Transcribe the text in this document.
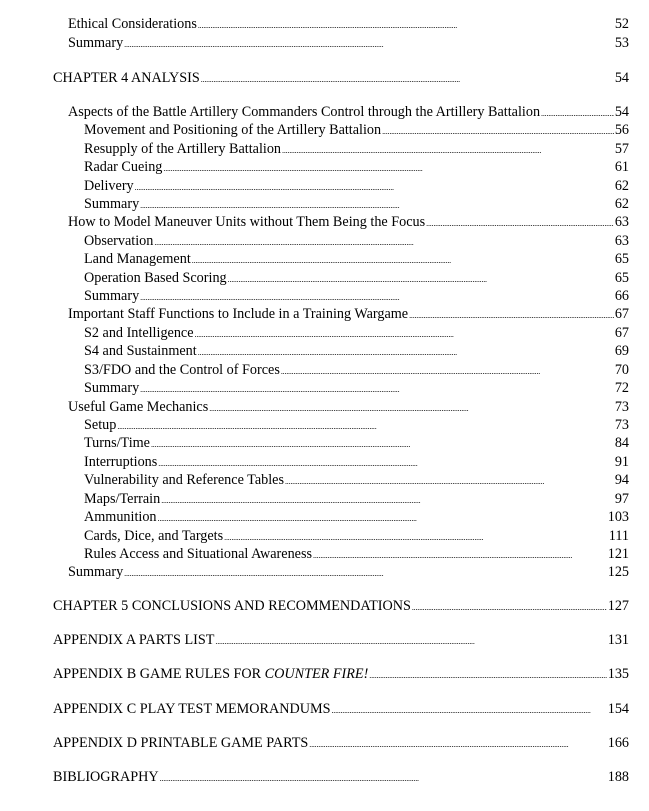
Ethical Considerations . . .	52
Summary . . .	53
CHAPTER 4 ANALYSIS . . .	54
Aspects of the Battle Artillery Commanders Control through the Artillery Battalion . . .	54
Movement and Positioning of the Artillery Battalion . . .	56
Resupply of the Artillery Battalion . . .	57
Radar Cueing . . .	61
Delivery . . .	62
Summary . . .	62
How to Model Maneuver Units without Them Being the Focus . . .	63
Observation . . .	63
Land Management . . .	65
Operation Based Scoring . . .	65
Summary . . .	66
Important Staff Functions to Include in a Training Wargame . . .	67
S2 and Intelligence . . .	67
S4 and Sustainment . . .	69
S3/FDO and the Control of Forces . . .	70
Summary . . .	72
Useful Game Mechanics . . .	73
Setup . . .	73
Turns/Time . . .	84
Interruptions . . .	91
Vulnerability and Reference Tables . . .	94
Maps/Terrain . . .	97
Ammunition . . .	103
Cards, Dice, and Targets . . .	111
Rules Access and Situational Awareness . . .	121
Summary . . .	125
CHAPTER 5 CONCLUSIONS AND RECOMMENDATIONS . . .	127
APPENDIX A PARTS LIST . . .	131
APPENDIX B GAME RULES FOR COUNTER FIRE! . . .	135
APPENDIX C PLAY TEST MEMORANDUMS . . .	154
APPENDIX D PRINTABLE GAME PARTS . . .	166
BIBLIOGRAPHY . . .	188
